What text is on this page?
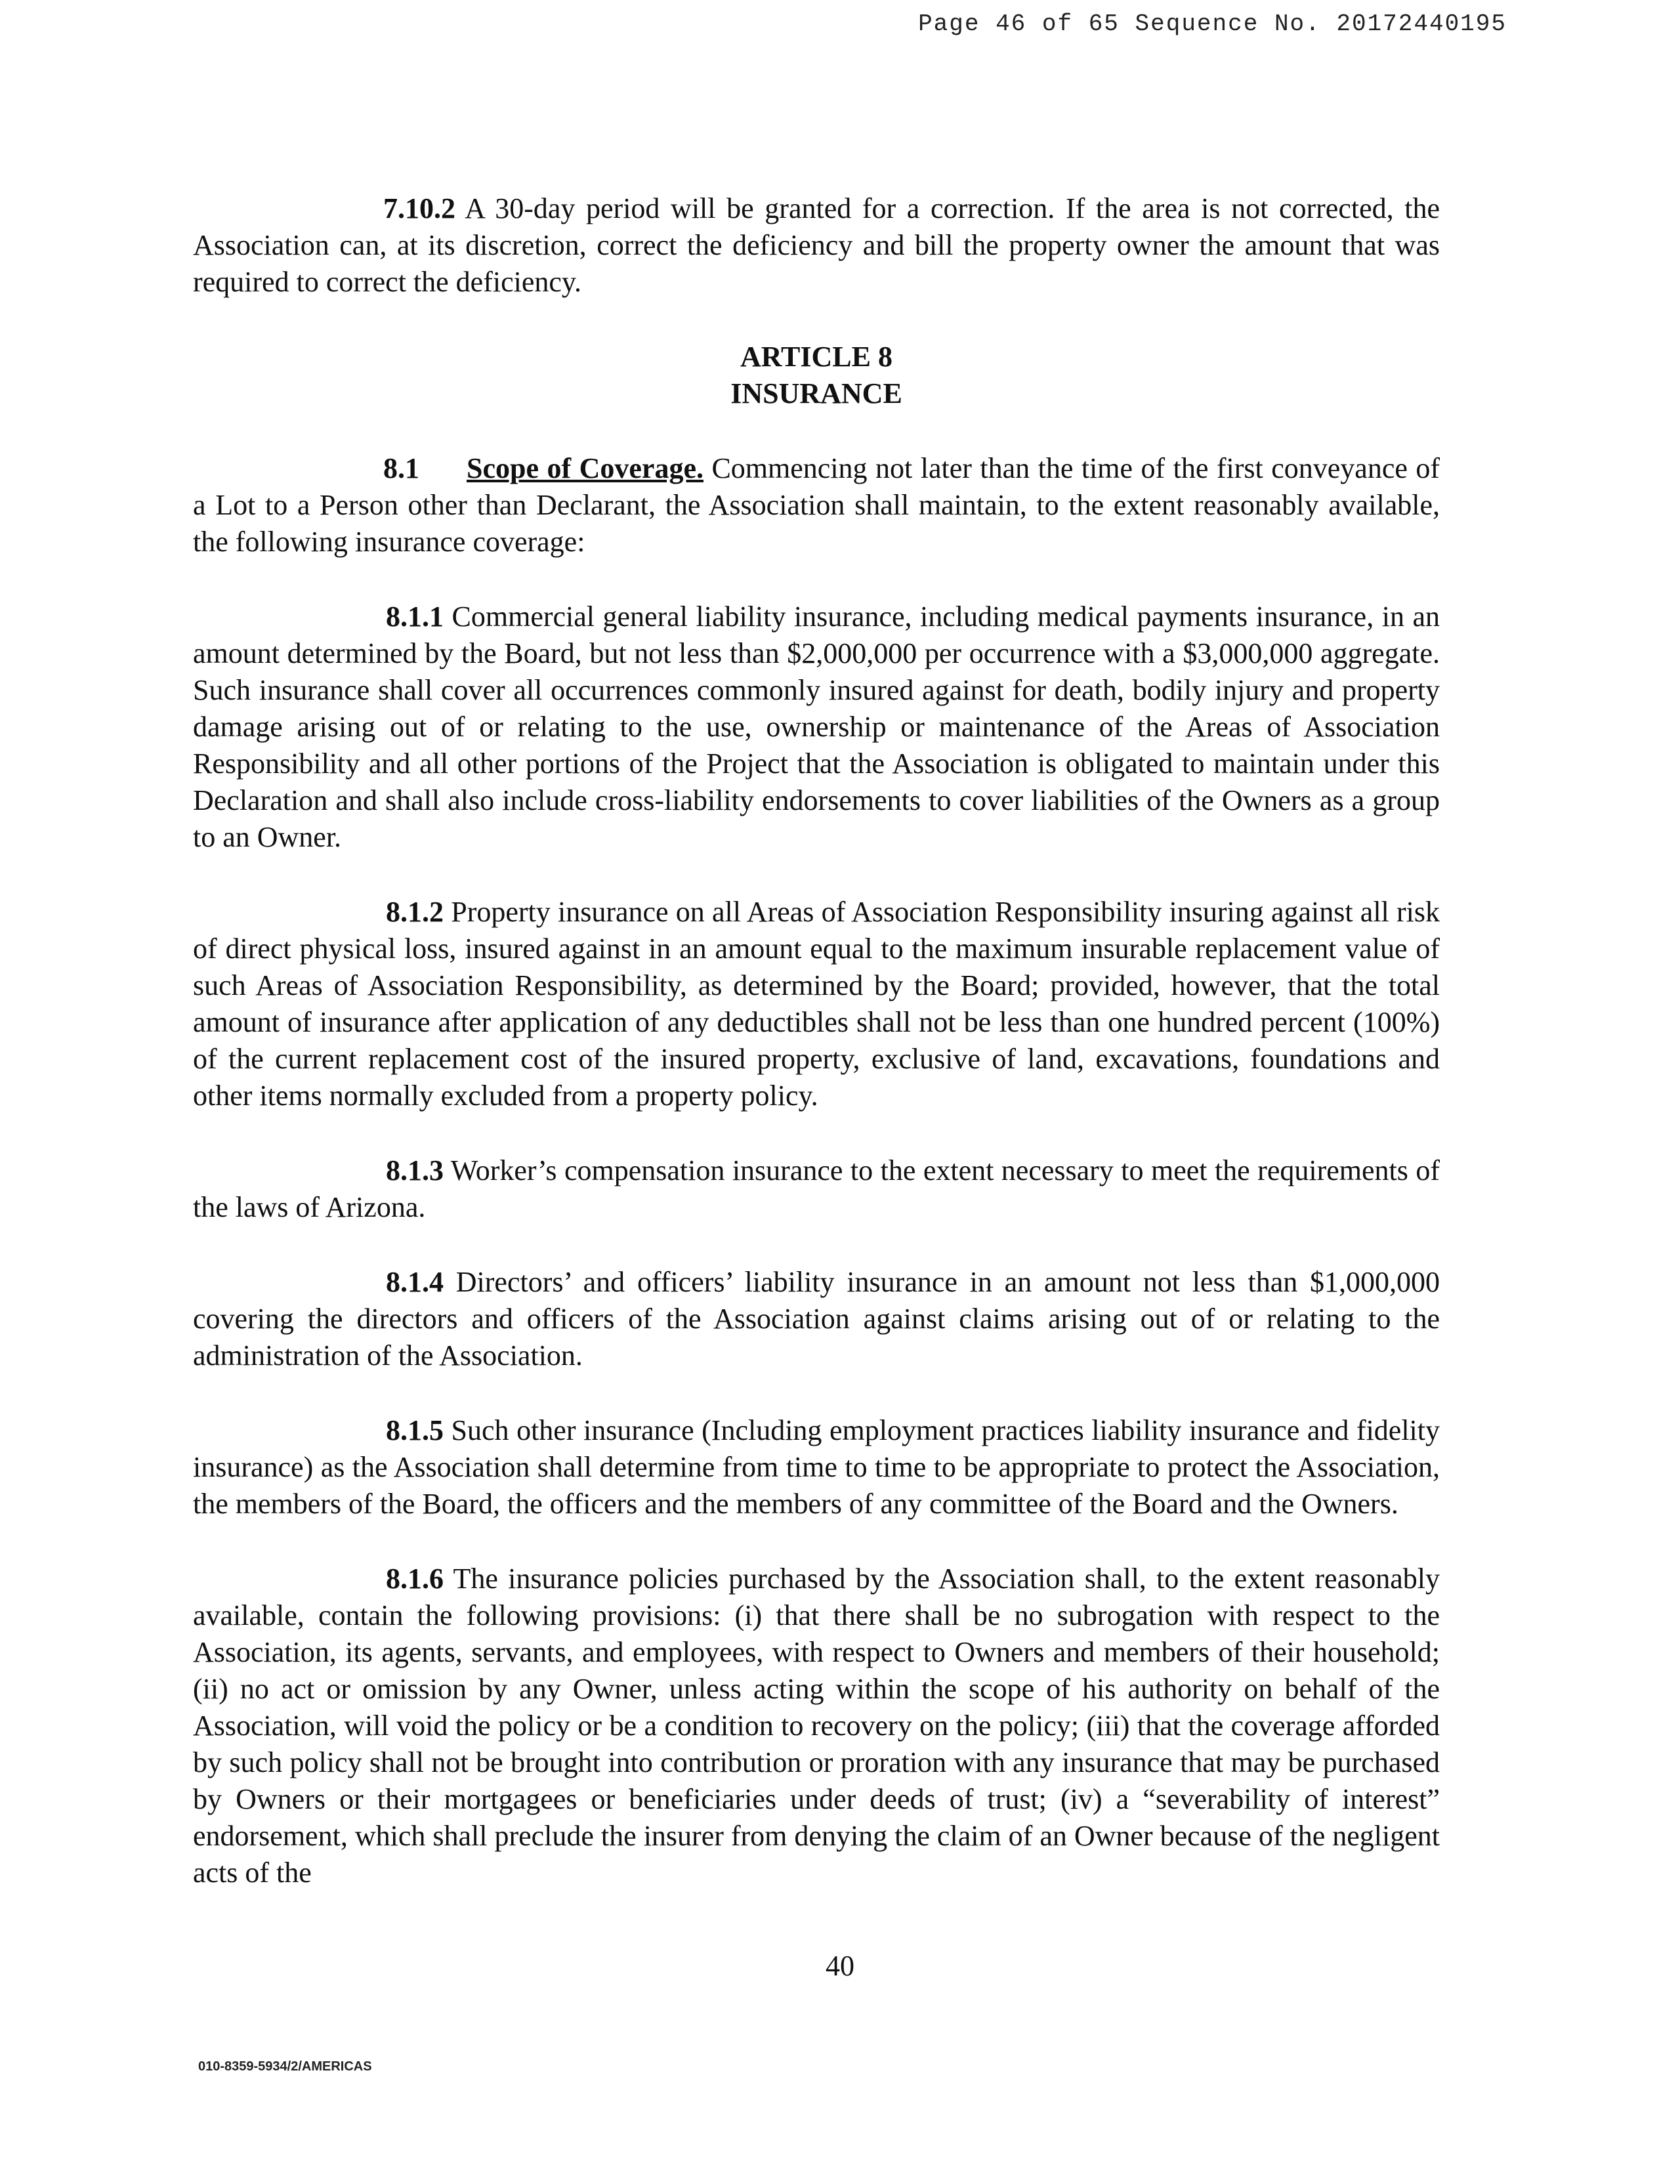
Page 46 of 65 Sequence No. 20172440195

7.10.2 A 30-day period will be granted for a correction. If the area is not corrected, the Association can, at its discretion, correct the deficiency and bill the property owner the amount that was required to correct the deficiency.

ARTICLE 8
INSURANCE

8.1 Scope of Coverage. Commencing not later than the time of the first conveyance of a Lot to a Person other than Declarant, the Association shall maintain, to the extent reasonably available, the following insurance coverage:

8.1.1 Commercial general liability insurance, including medical payments insurance, in an amount determined by the Board, but not less than $2,000,000 per occurrence with a $3,000,000 aggregate. Such insurance shall cover all occurrences commonly insured against for death, bodily injury and property damage arising out of or relating to the use, ownership or maintenance of the Areas of Association Responsibility and all other portions of the Project that the Association is obligated to maintain under this Declaration and shall also include cross-liability endorsements to cover liabilities of the Owners as a group to an Owner.

8.1.2 Property insurance on all Areas of Association Responsibility insuring against all risk of direct physical loss, insured against in an amount equal to the maximum insurable replacement value of such Areas of Association Responsibility, as determined by the Board; provided, however, that the total amount of insurance after application of any deductibles shall not be less than one hundred percent (100%) of the current replacement cost of the insured property, exclusive of land, excavations, foundations and other items normally excluded from a property policy.

8.1.3 Worker’s compensation insurance to the extent necessary to meet the requirements of the laws of Arizona.

8.1.4 Directors’ and officers’ liability insurance in an amount not less than $1,000,000 covering the directors and officers of the Association against claims arising out of or relating to the administration of the Association.

8.1.5 Such other insurance (Including employment practices liability insurance and fidelity insurance) as the Association shall determine from time to time to be appropriate to protect the Association, the members of the Board, the officers and the members of any committee of the Board and the Owners.

8.1.6 The insurance policies purchased by the Association shall, to the extent reasonably available, contain the following provisions: (i) that there shall be no subrogation with respect to the Association, its agents, servants, and employees, with respect to Owners and members of their household; (ii) no act or omission by any Owner, unless acting within the scope of his authority on behalf of the Association, will void the policy or be a condition to recovery on the policy; (iii) that the coverage afforded by such policy shall not be brought into contribution or proration with any insurance that may be purchased by Owners or their mortgagees or beneficiaries under deeds of trust; (iv) a “severability of interest” endorsement, which shall preclude the insurer from denying the claim of an Owner because of the negligent acts of the

40
010-8359-5934/2/AMERICAS
